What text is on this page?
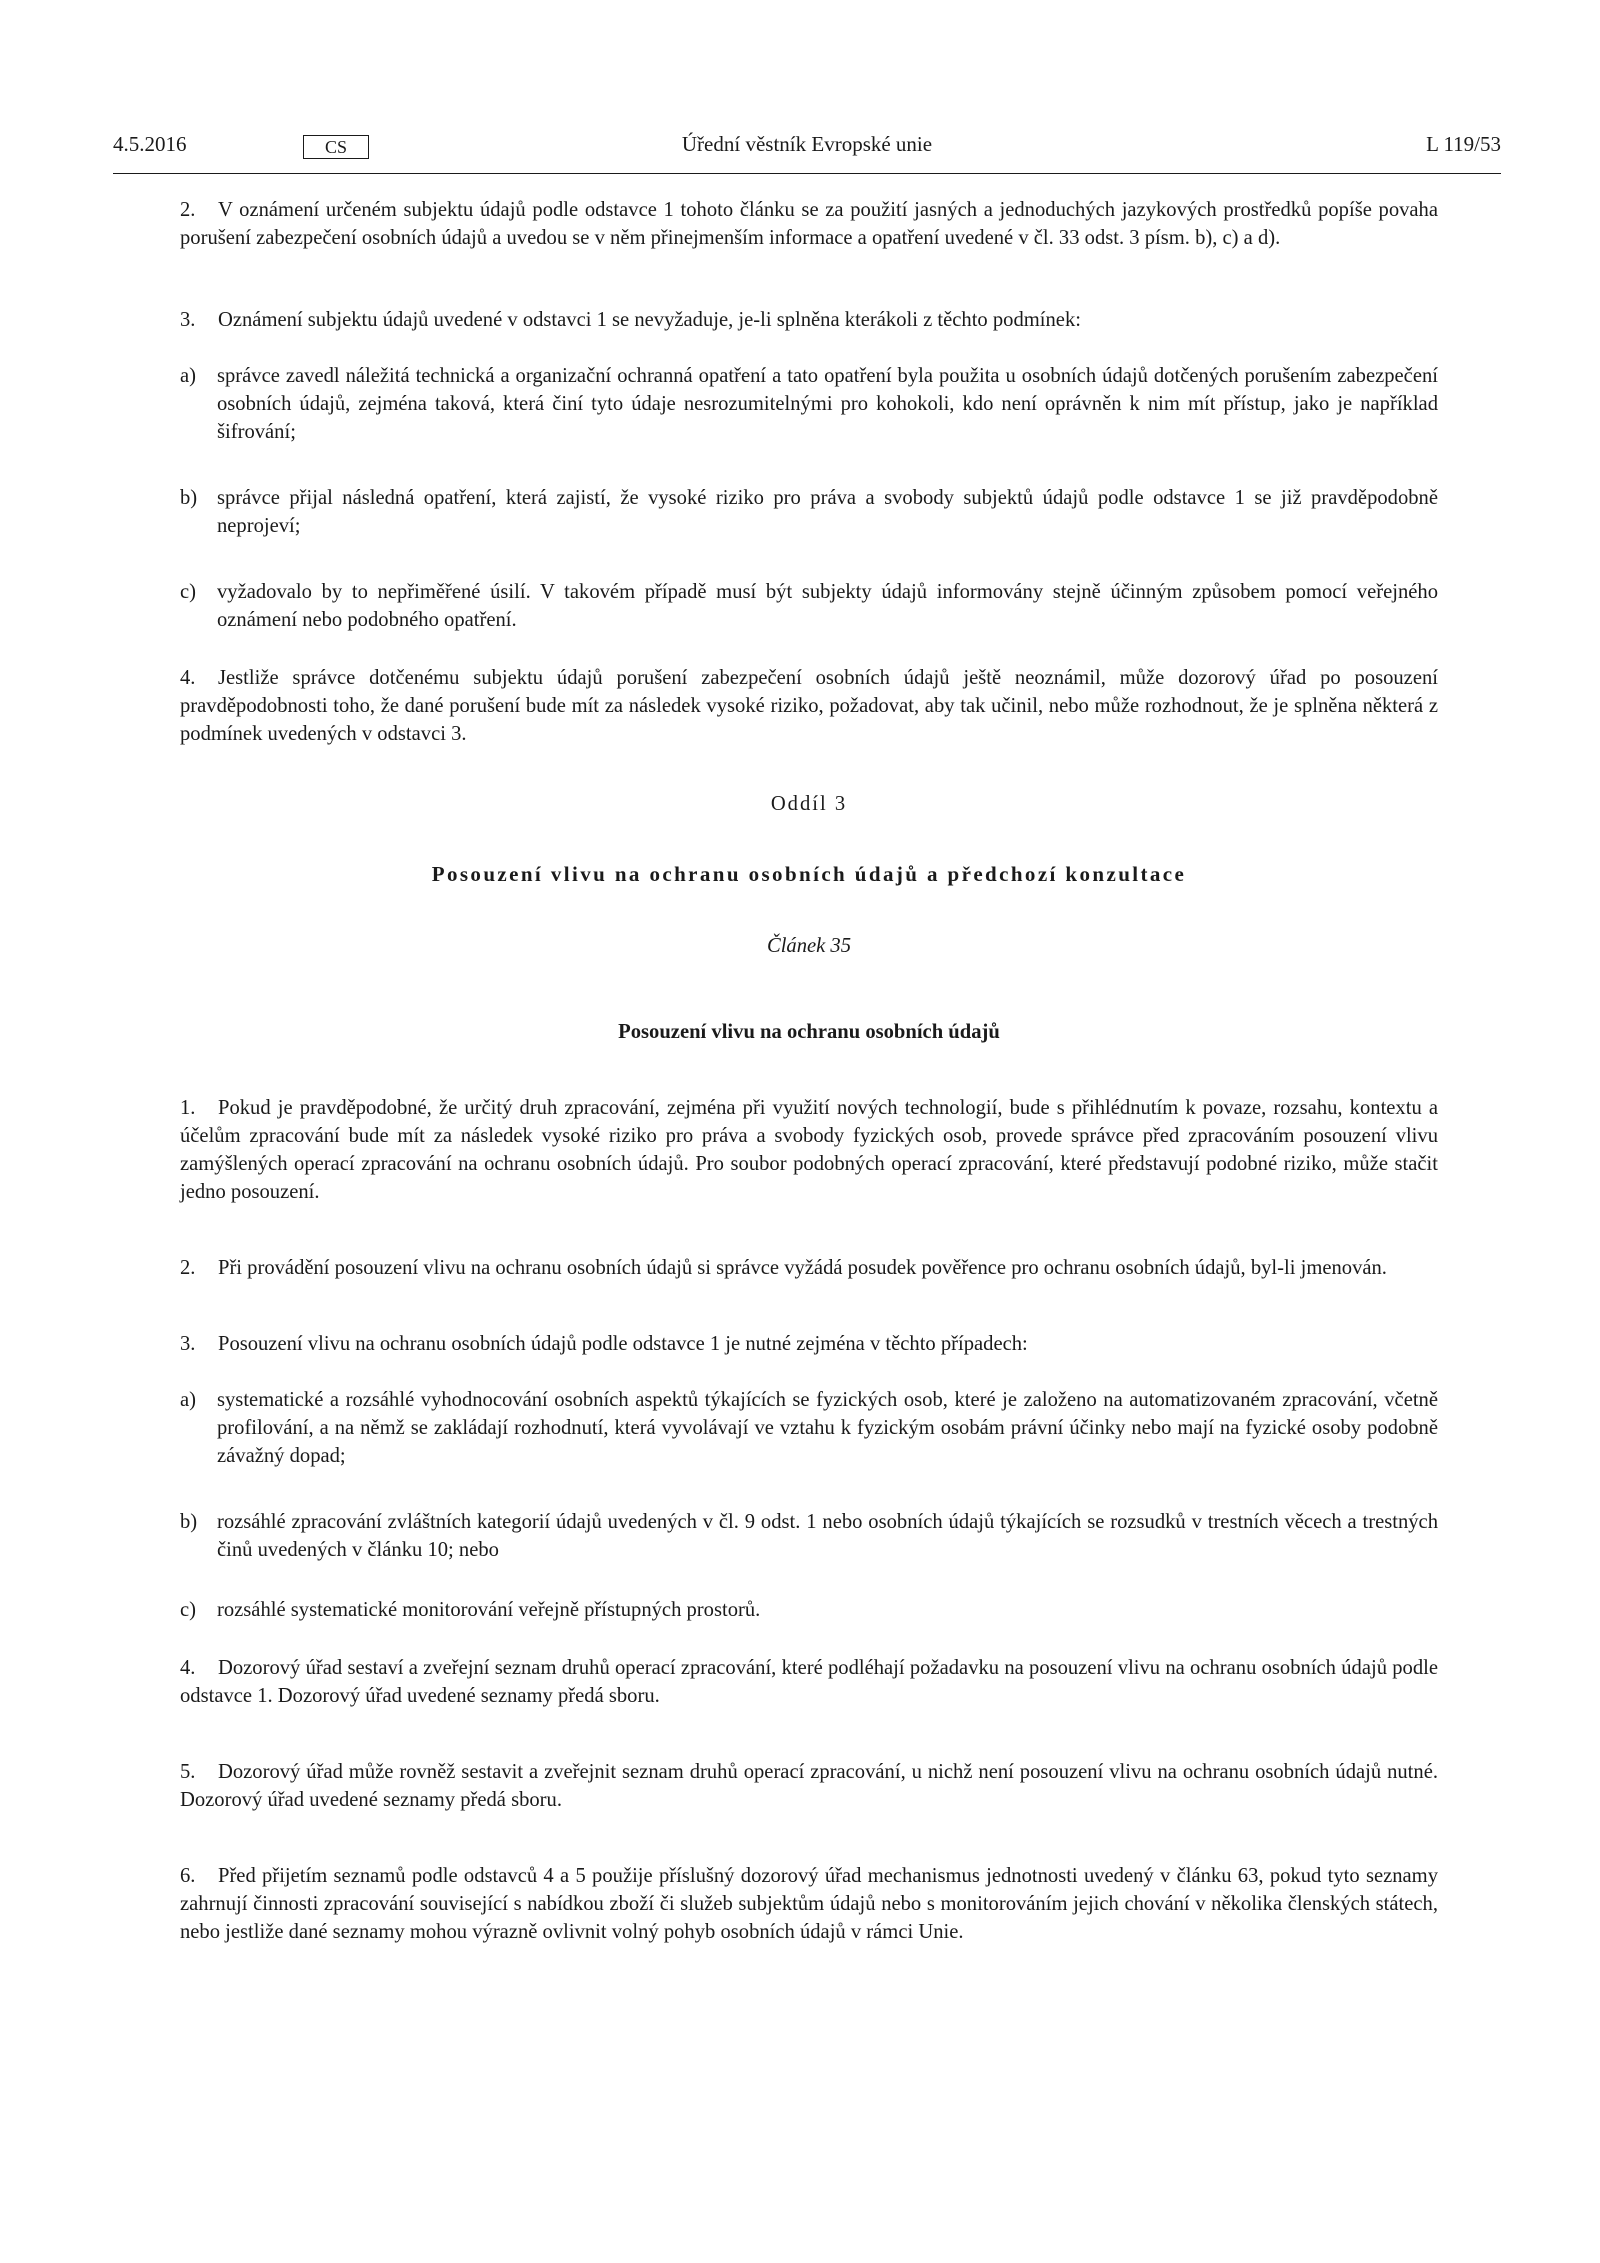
4.5.2016	CS	Úřední věstník Evropské unie	L 119/53

2. V oznámení určeném subjektu údajů podle odstavce 1 tohoto článku se za použití jasných a jednoduchých jazykových prostředků popíše povaha porušení zabezpečení osobních údajů a uvedou se v něm přinejmenším informace a opatření uvedené v čl. 33 odst. 3 písm. b), c) a d).

3. Oznámení subjektu údajů uvedené v odstavci 1 se nevyžaduje, je-li splněna kterákoli z těchto podmínek:

a) správce zavedl náležitá technická a organizační ochranná opatření a tato opatření byla použita u osobních údajů dotčených porušením zabezpečení osobních údajů, zejména taková, která činí tyto údaje nesrozumitelnými pro kohokoli, kdo není oprávněn k nim mít přístup, jako je například šifrování;

b) správce přijal následná opatření, která zajistí, že vysoké riziko pro práva a svobody subjektů údajů podle odstavce 1 se již pravděpodobně neprojeví;

c) vyžadovalo by to nepřiměřené úsilí. V takovém případě musí být subjekty údajů informovány stejně účinným způsobem pomocí veřejného oznámení nebo podobného opatření.

4. Jestliže správce dotčenému subjektu údajů porušení zabezpečení osobních údajů ještě neoznámil, může dozorový úřad po posouzení pravděpodobnosti toho, že dané porušení bude mít za následek vysoké riziko, požadovat, aby tak učinil, nebo může rozhodnout, že je splněna některá z podmínek uvedených v odstavci 3.

Oddíl 3

Posouzení vlivu na ochranu osobních údajů a předchozí konzultace

Článek 35

Posouzení vlivu na ochranu osobních údajů

1. Pokud je pravděpodobné, že určitý druh zpracování, zejména při využití nových technologií, bude s přihlédnutím k povaze, rozsahu, kontextu a účelům zpracování bude mít za následek vysoké riziko pro práva a svobody fyzických osob, provede správce před zpracováním posouzení vlivu zamýšlených operací zpracování na ochranu osobních údajů. Pro soubor podobných operací zpracování, které představují podobné riziko, může stačit jedno posouzení.

2. Při provádění posouzení vlivu na ochranu osobních údajů si správce vyžádá posudek pověřence pro ochranu osobních údajů, byl-li jmenován.

3. Posouzení vlivu na ochranu osobních údajů podle odstavce 1 je nutné zejména v těchto případech:

a) systematické a rozsáhlé vyhodnocování osobních aspektů týkajících se fyzických osob, které je založeno na automatizovaném zpracování, včetně profilování, a na němž se zakládají rozhodnutí, která vyvolávají ve vztahu k fyzickým osobám právní účinky nebo mají na fyzické osoby podobně závažný dopad;

b) rozsáhlé zpracování zvláštních kategorií údajů uvedených v čl. 9 odst. 1 nebo osobních údajů týkajících se rozsudků v trestních věcech a trestných činů uvedených v článku 10; nebo

c) rozsáhlé systematické monitorování veřejně přístupných prostorů.

4. Dozorový úřad sestaví a zveřejní seznam druhů operací zpracování, které podléhají požadavku na posouzení vlivu na ochranu osobních údajů podle odstavce 1. Dozorový úřad uvedené seznamy předá sboru.

5. Dozorový úřad může rovněž sestavit a zveřejnit seznam druhů operací zpracování, u nichž není posouzení vlivu na ochranu osobních údajů nutné. Dozorový úřad uvedené seznamy předá sboru.

6. Před přijetím seznamů podle odstavců 4 a 5 použije příslušný dozorový úřad mechanismus jednotnosti uvedený v článku 63, pokud tyto seznamy zahrnují činnosti zpracování související s nabídkou zboží či služeb subjektům údajů nebo s monitorováním jejich chování v několika členských státech, nebo jestliže dané seznamy mohou výrazně ovlivnit volný pohyb osobních údajů v rámci Unie.
